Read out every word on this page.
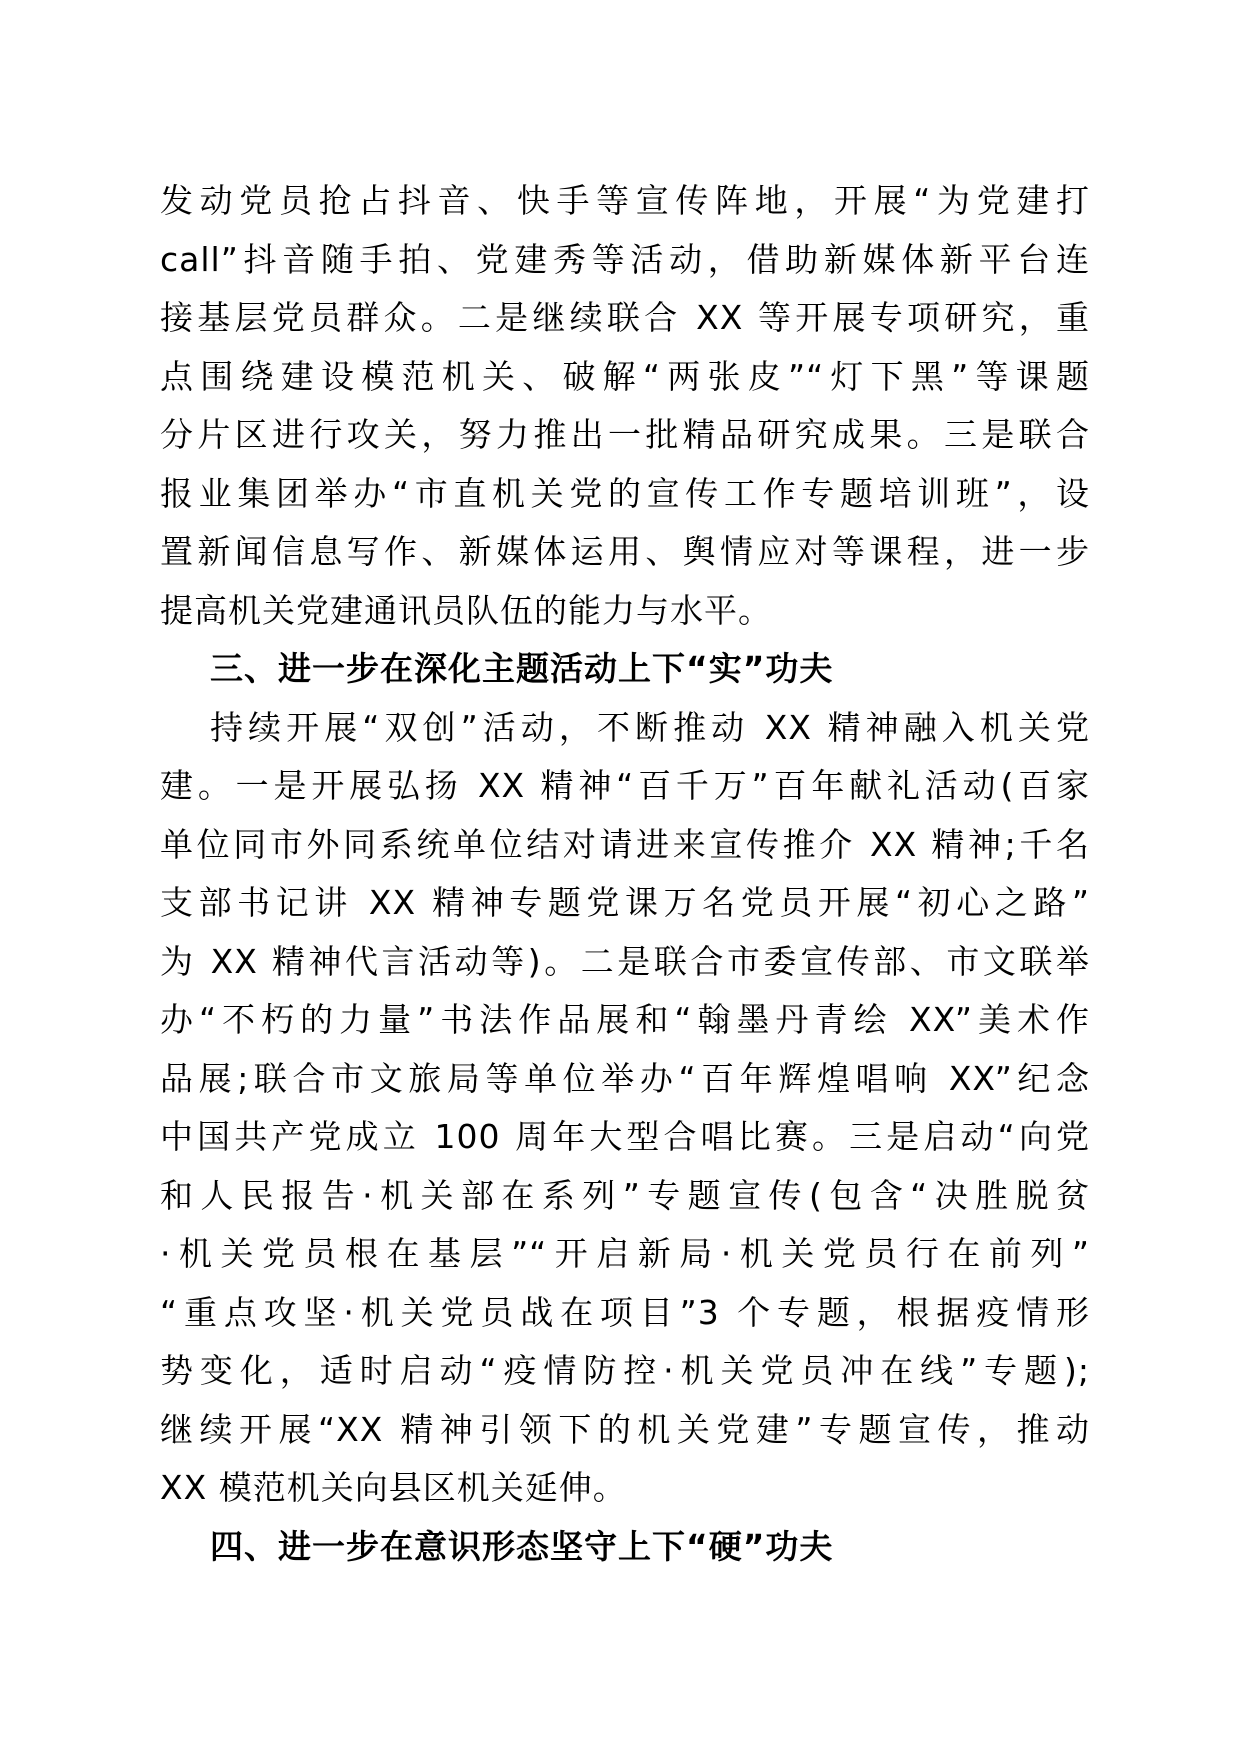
发动党员抢占抖音、快手等宣传阵地，开展“为党建打
call”抖音随手拍、党建秀等活动，借助新媒体新平台连
接基层党员群众。二是继续联合 XX 等开展专项研究，重
点围绕建设模范机关、破解“两张皮”“灯下黑”等课题
分片区进行攻关，努力推出一批精品研究成果。三是联合
报业集团举办“市直机关党的宣传工作专题培训班”，设
置新闻信息写作、新媒体运用、舆情应对等课程，进一步
提高机关党建通讯员队伍的能力与水平。
三、进一步在深化主题活动上下“实”功夫
持续开展“双创”活动，不断推动 XX 精神融入机关党
建。一是开展弘扬 XX 精神“百千万”百年献礼活动(百家
单位同市外同系统单位结对请进来宣传推介 XX 精神;千名
支部书记讲 XX 精神专题党课万名党员开展“初心之路”
为 XX 精神代言活动等)。二是联合市委宣传部、市文联举
办“不朽的力量”书法作品展和“翰墨丹青绘 XX”美术作
品展;联合市文旅局等单位举办“百年辉煌唱响 XX”纪念
中国共产党成立 100 周年大型合唱比赛。三是启动“向党
和人民报告·机关部在系列”专题宣传(包含“决胜脱贫
·机关党员根在基层”“开启新局·机关党员行在前列”
“重点攻坚·机关党员战在项目”3 个专题，根据疫情形
势变化，适时启动“疫情防控·机关党员冲在线”专题);
继续开展“XX 精神引领下的机关党建”专题宣传，推动
XX 模范机关向县区机关延伸。
四、进一步在意识形态坚守上下“硬”功夫
